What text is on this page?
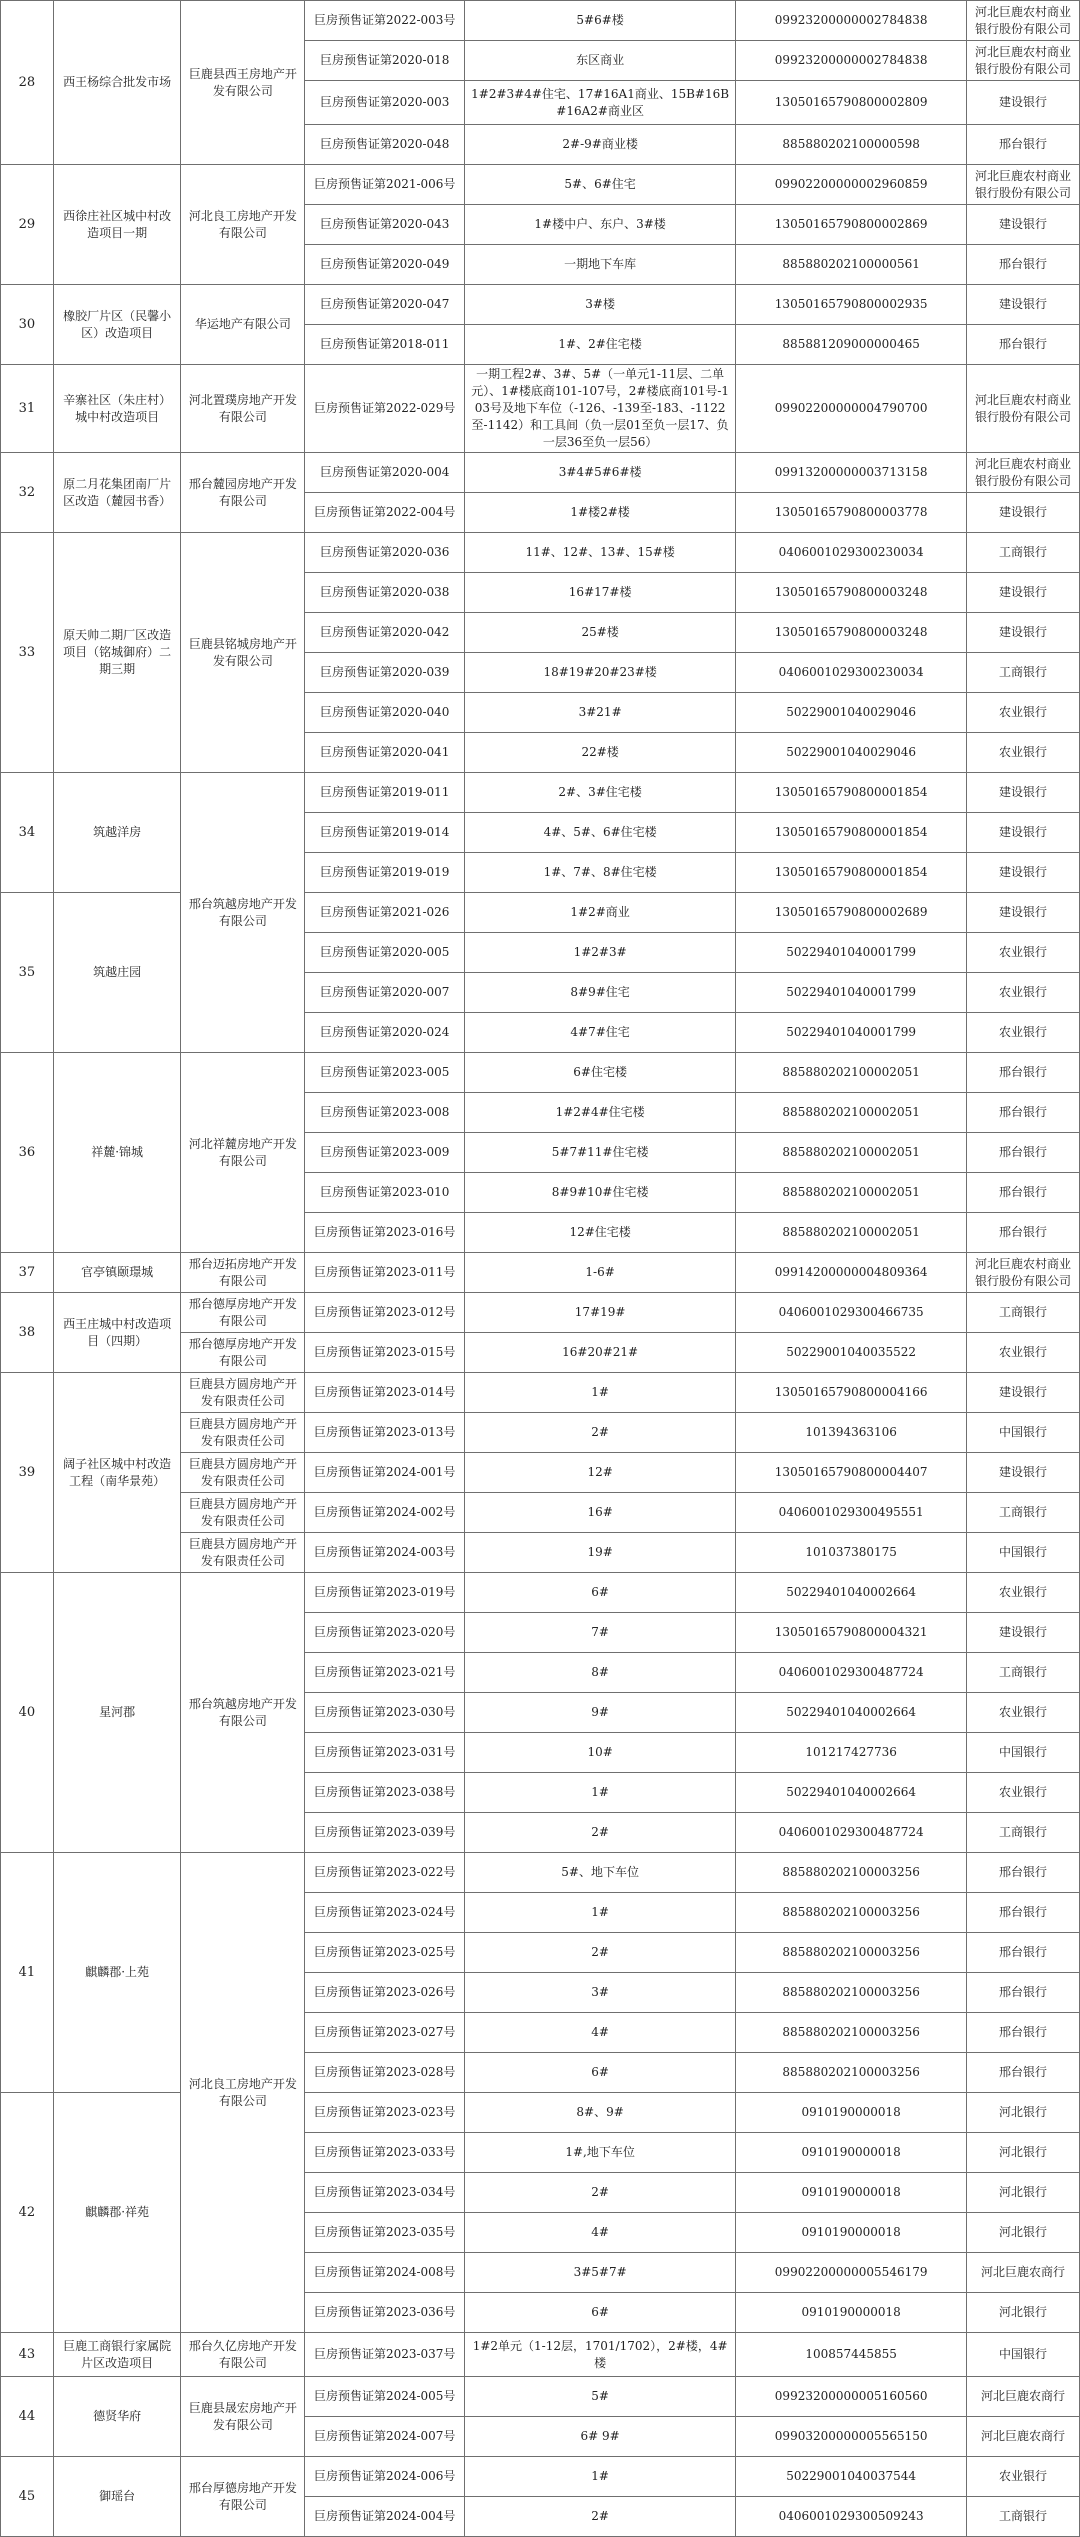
28	西王杨综合批发市场	巨鹿县西王房地产开发有限公司	巨房预售证第2022-003号	5#6#楼	09923200000002784838	河北巨鹿农村商业银行股份有限公司
			巨房预售证第2020-018	东区商业	09923200000002784838	河北巨鹿农村商业银行股份有限公司
			巨房预售证第2020-003	1#2#3#4#住宅、17#16A1商业、15B#16B#16A2#商业区	13050165790800002809	建设银行
			巨房预售证第2020-048	2#-9#商业楼	885880202100000598	邢台银行
29	西徐庄社区城中村改造项目一期	河北良工房地产开发有限公司	巨房预售证第2021-006号	5#、6#住宅	09902200000002960859	河北巨鹿农村商业银行股份有限公司
			巨房预售证第2020-043	1#楼中户、东户、3#楼	13050165790800002869	建设银行
			巨房预售证第2020-049	一期地下车库	885880202100000561	邢台银行
30	橡胶厂片区（民馨小区）改造项目	华运地产有限公司	巨房预售证第2020-047	3#楼	13050165790800002935	建设银行
			巨房预售证第2018-011	1#、2#住宅楼	885881209000000465	邢台银行
31	辛寨社区（朱庄村）城中村改造项目	河北置璞房地产开发有限公司	巨房预售证第2022-029号	一期工程2#、3#、5#（一单元1-11层、二单元）、1#楼底商101-107号，2#楼底商101号-103号及地下车位（-126、-139至-183、-1122至-1142）和工具间（负一层01至负一层17、负一层36至负一层56）	09902200000004790700	河北巨鹿农村商业银行股份有限公司
32	原二月花集团南厂片区改造（麓园书香）	邢台麓园房地产开发有限公司	巨房预售证第2020-004	3#4#5#6#楼	09913200000003713158	河北巨鹿农村商业银行股份有限公司
			巨房预售证第2022-004号	1#楼2#楼	13050165790800003778	建设银行
33	原天帅二期厂区改造项目（铭城御府）二期三期	巨鹿县铭城房地产开发有限公司	巨房预售证第2020-036	11#、12#、13#、15#楼	0406001029300230034	工商银行
			巨房预售证第2020-038	16#17#楼	13050165790800003248	建设银行
			巨房预售证第2020-042	25#楼	13050165790800003248	建设银行
			巨房预售证第2020-039	18#19#20#23#楼	0406001029300230034	工商银行
			巨房预售证第2020-040	3#21#	50229001040029046	农业银行
			巨房预售证第2020-041	22#楼	50229001040029046	农业银行
34	筑越洋房	邢台筑越房地产开发有限公司	巨房预售证第2019-011	2#、3#住宅楼	13050165790800001854	建设银行
			巨房预售证第2019-014	4#、5#、6#住宅楼	13050165790800001854	建设银行
			巨房预售证第2019-019	1#、7#、8#住宅楼	13050165790800001854	建设银行
35	筑越庄园		巨房预售证第2021-026	1#2#商业	13050165790800002689	建设银行
			巨房预售证第2020-005	1#2#3#	50229401040001799	农业银行
			巨房预售证第2020-007	8#9#住宅	50229401040001799	农业银行
			巨房预售证第2020-024	4#7#住宅	50229401040001799	农业银行
36	祥麓·锦城	河北祥麓房地产开发有限公司	巨房预售证第2023-005	6#住宅楼	885880202100002051	邢台银行
			巨房预售证第2023-008	1#2#4#住宅楼	885880202100002051	邢台银行
			巨房预售证第2023-009	5#7#11#住宅楼	885880202100002051	邢台银行
			巨房预售证第2023-010	8#9#10#住宅楼	885880202100002051	邢台银行
			巨房预售证第2023-016号	12#住宅楼	885880202100002051	邢台银行
37	官亭镇颐璟城	邢台迈拓房地产开发有限公司	巨房预售证第2023-011号	1-6#	09914200000004809364	河北巨鹿农村商业银行股份有限公司
38	西王庄城中村改造项目（四期）	邢台德厚房地产开发有限公司	巨房预售证第2023-012号	17#19#	0406001029300466735	工商银行
		邢台德厚房地产开发有限公司	巨房预售证第2023-015号	16#20#21#	50229001040035522	农业银行
39	阔子社区城中村改造工程（南华景苑）	巨鹿县方圆房地产开发有限责任公司	巨房预售证第2023-014号	1#	13050165790800004166	建设银行
		巨鹿县方圆房地产开发有限责任公司	巨房预售证第2023-013号	2#	101394363106	中国银行
		巨鹿县方圆房地产开发有限责任公司	巨房预售证第2024-001号	12#	13050165790800004407	建设银行
		巨鹿县方圆房地产开发有限责任公司	巨房预售证第2024-002号	16#	0406001029300495551	工商银行
		巨鹿县方圆房地产开发有限责任公司	巨房预售证第2024-003号	19#	101037380175	中国银行
40	星河郡	邢台筑越房地产开发有限公司	巨房预售证第2023-019号	6#	50229401040002664	农业银行
			巨房预售证第2023-020号	7#	13050165790800004321	建设银行
			巨房预售证第2023-021号	8#	0406001029300487724	工商银行
			巨房预售证第2023-030号	9#	50229401040002664	农业银行
			巨房预售证第2023-031号	10#	101217427736	中国银行
			巨房预售证第2023-038号	1#	50229401040002664	农业银行
			巨房预售证第2023-039号	2#	0406001029300487724	工商银行
41	麒麟郡·上苑	河北良工房地产开发有限公司	巨房预售证第2023-022号	5#、地下车位	885880202100003256	邢台银行
			巨房预售证第2023-024号	1#	885880202100003256	邢台银行
			巨房预售证第2023-025号	2#	885880202100003256	邢台银行
			巨房预售证第2023-026号	3#	885880202100003256	邢台银行
			巨房预售证第2023-027号	4#	885880202100003256	邢台银行
			巨房预售证第2023-028号	6#	885880202100003256	邢台银行
42	麒麟郡·祥苑		巨房预售证第2023-023号	8#、9#	0910190000018	河北银行
			巨房预售证第2023-033号	1#,地下车位	0910190000018	河北银行
			巨房预售证第2023-034号	2#	0910190000018	河北银行
			巨房预售证第2023-035号	4#	0910190000018	河北银行
			巨房预售证第2024-008号	3#5#7#	09902200000005546179	河北巨鹿农商行
			巨房预售证第2023-036号	6#	0910190000018	河北银行
43	巨鹿工商银行家属院片区改造项目	邢台久亿房地产开发有限公司	巨房预售证第2023-037号	1#2单元（1-12层，1701/1702），2#楼，4#楼	100857445855	中国银行
44	德贤华府	巨鹿县晟宏房地产开发有限公司	巨房预售证第2024-005号	5#	09923200000005160560	河北巨鹿农商行
			巨房预售证第2024-007号	6# 9#	09903200000005565150	河北巨鹿农商行
45	御瑶台	邢台厚德房地产开发有限公司	巨房预售证第2024-006号	1#	50229001040037544	农业银行
			巨房预售证第2024-004号	2#	0406001029300509243	工商银行
